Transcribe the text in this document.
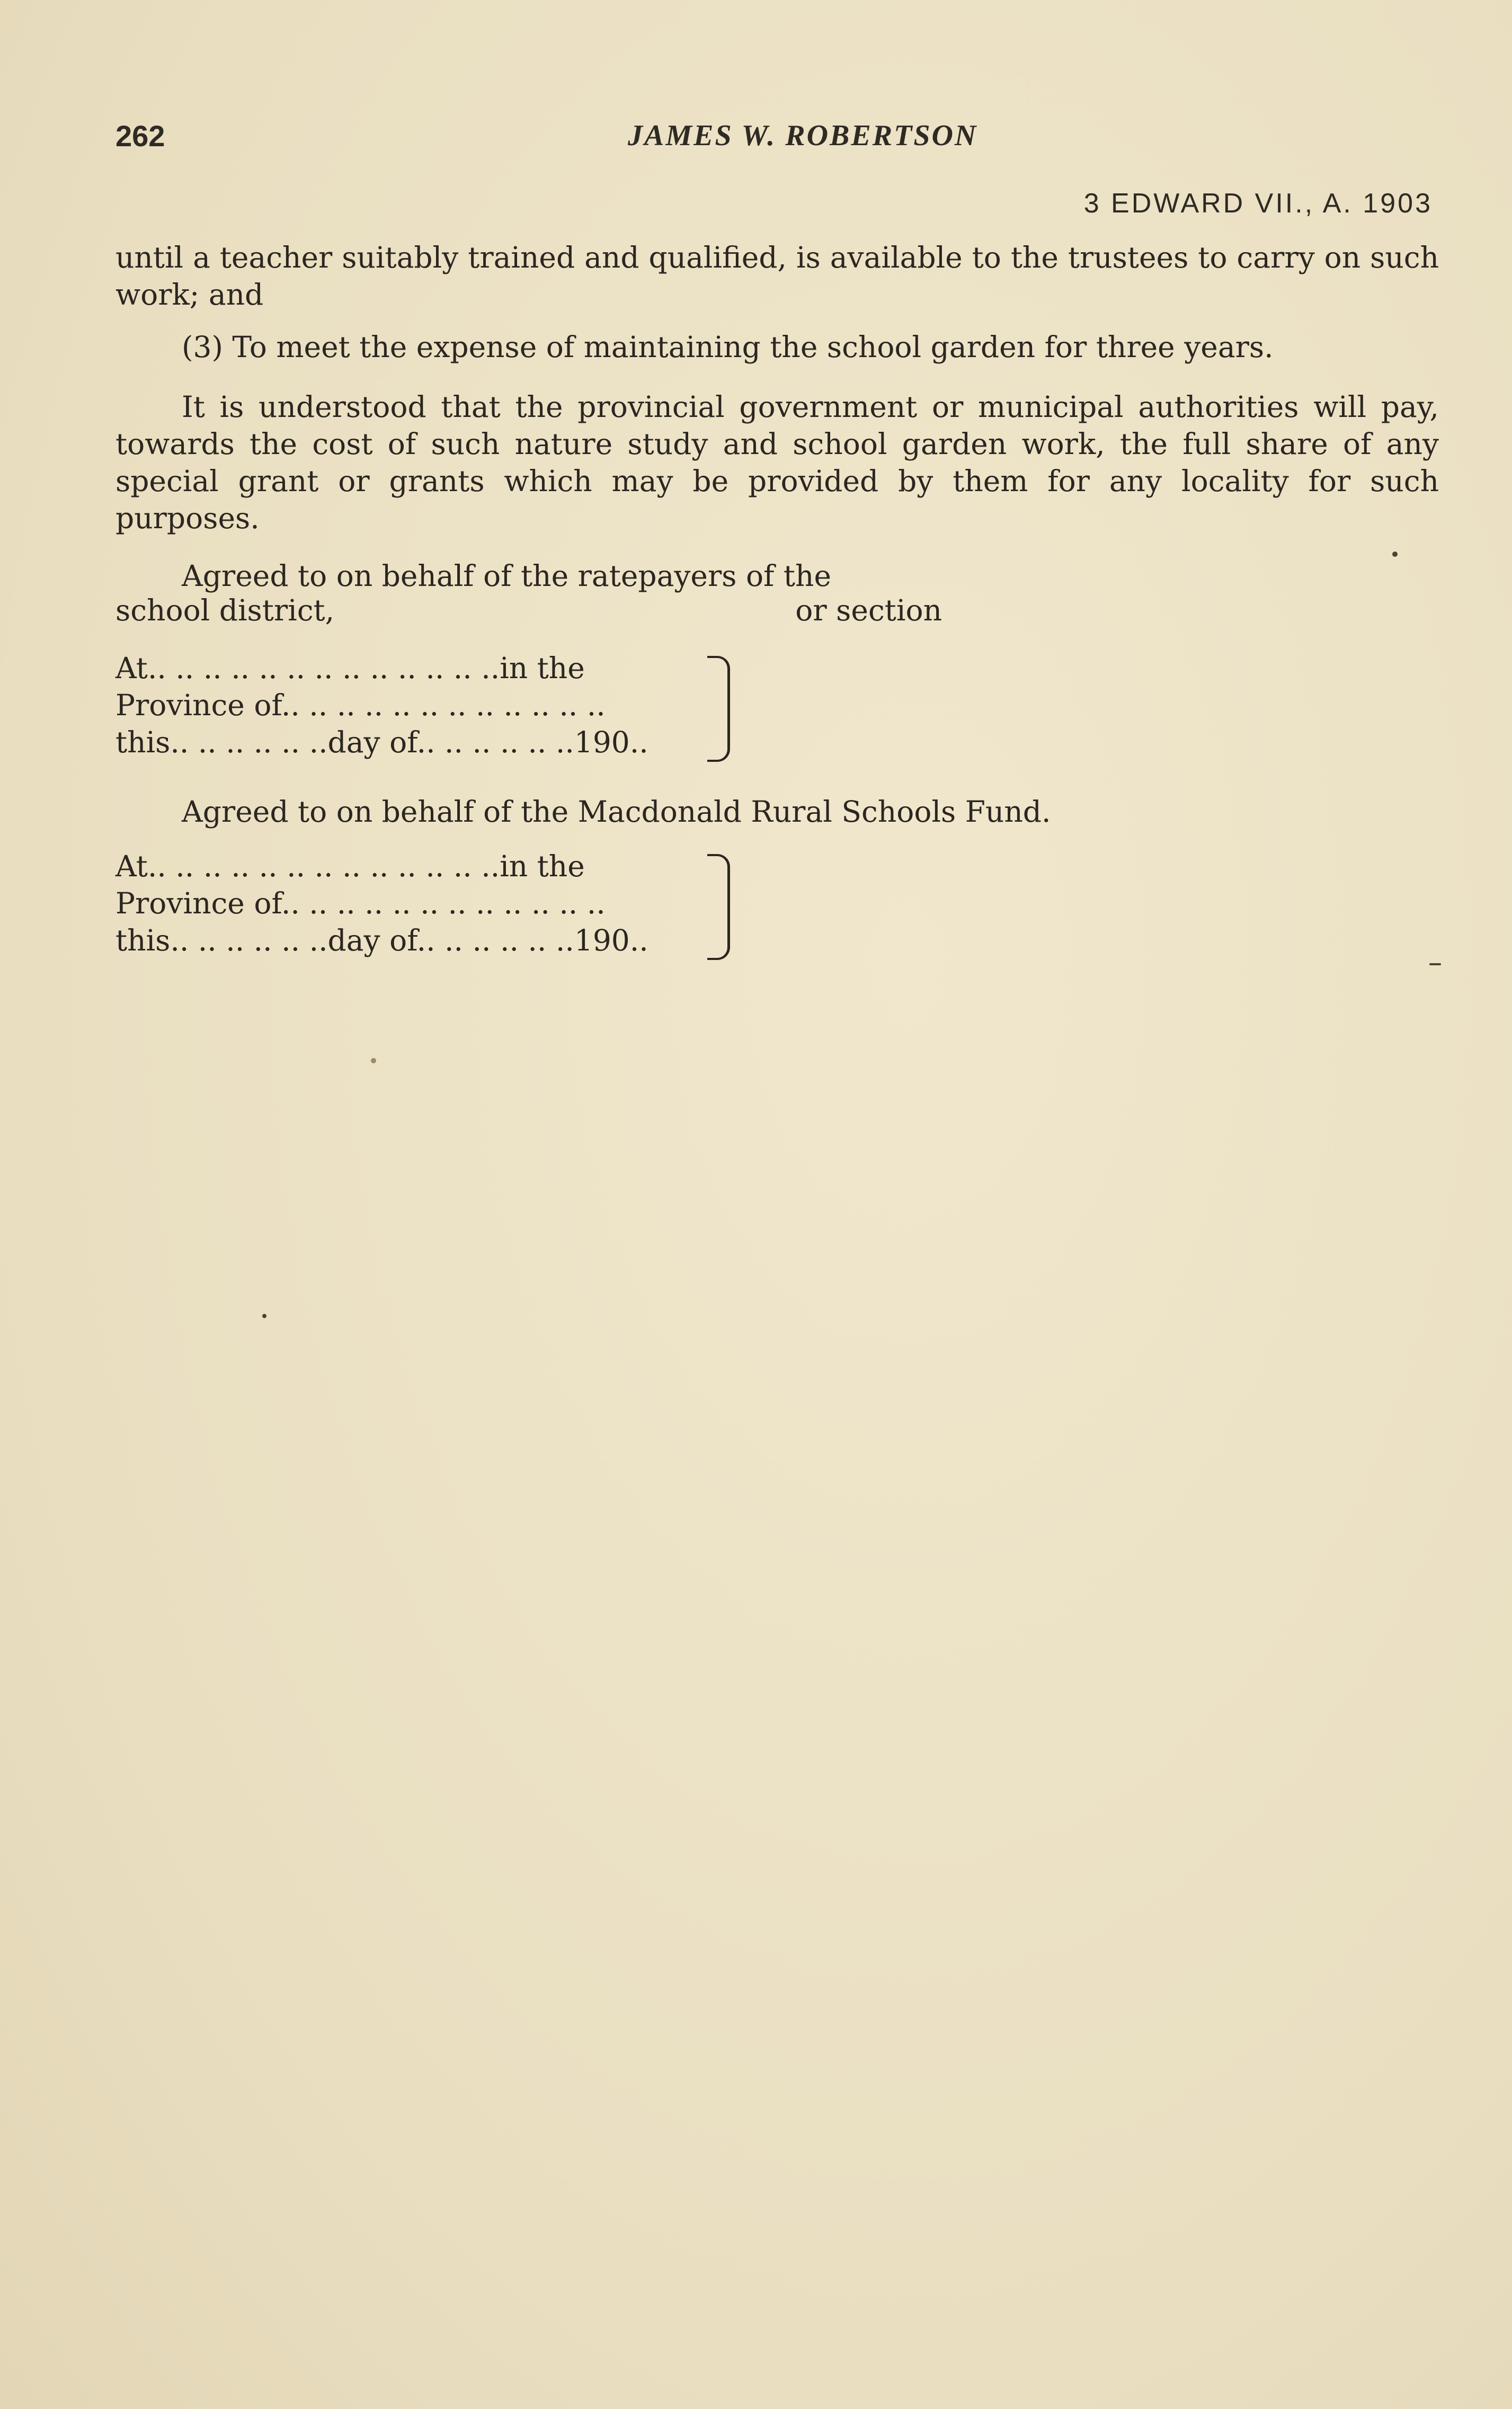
262	JAMES W. ROBERTSON
3 EDWARD VII., A. 1903

until a teacher suitably trained and qualified, is available to the trustees to carry on such work; and

(3) To meet the expense of maintaining the school garden for three years.

It is understood that the provincial government or municipal authorities will pay, towards the cost of such nature study and school garden work, the full share of any special grant or grants which may be provided by them for any locality for such purposes.

Agreed to on behalf of the ratepayers of the
school district,	or section
At.. .. .. .. .. .. .. .. .. .. .. .. ..in the
Province of.. .. .. .. .. .. .. .. .. .. .. ..
this.. .. .. .. .. ..day of.. .. .. .. .. ..190..
Agreed to on behalf of the Macdonald Rural Schools Fund.
At.. .. .. .. .. .. .. .. .. .. .. .. ..in the
Province of.. .. .. .. .. .. .. .. .. .. .. ..
this.. .. .. .. .. ..day of.. .. .. .. .. ..190..
